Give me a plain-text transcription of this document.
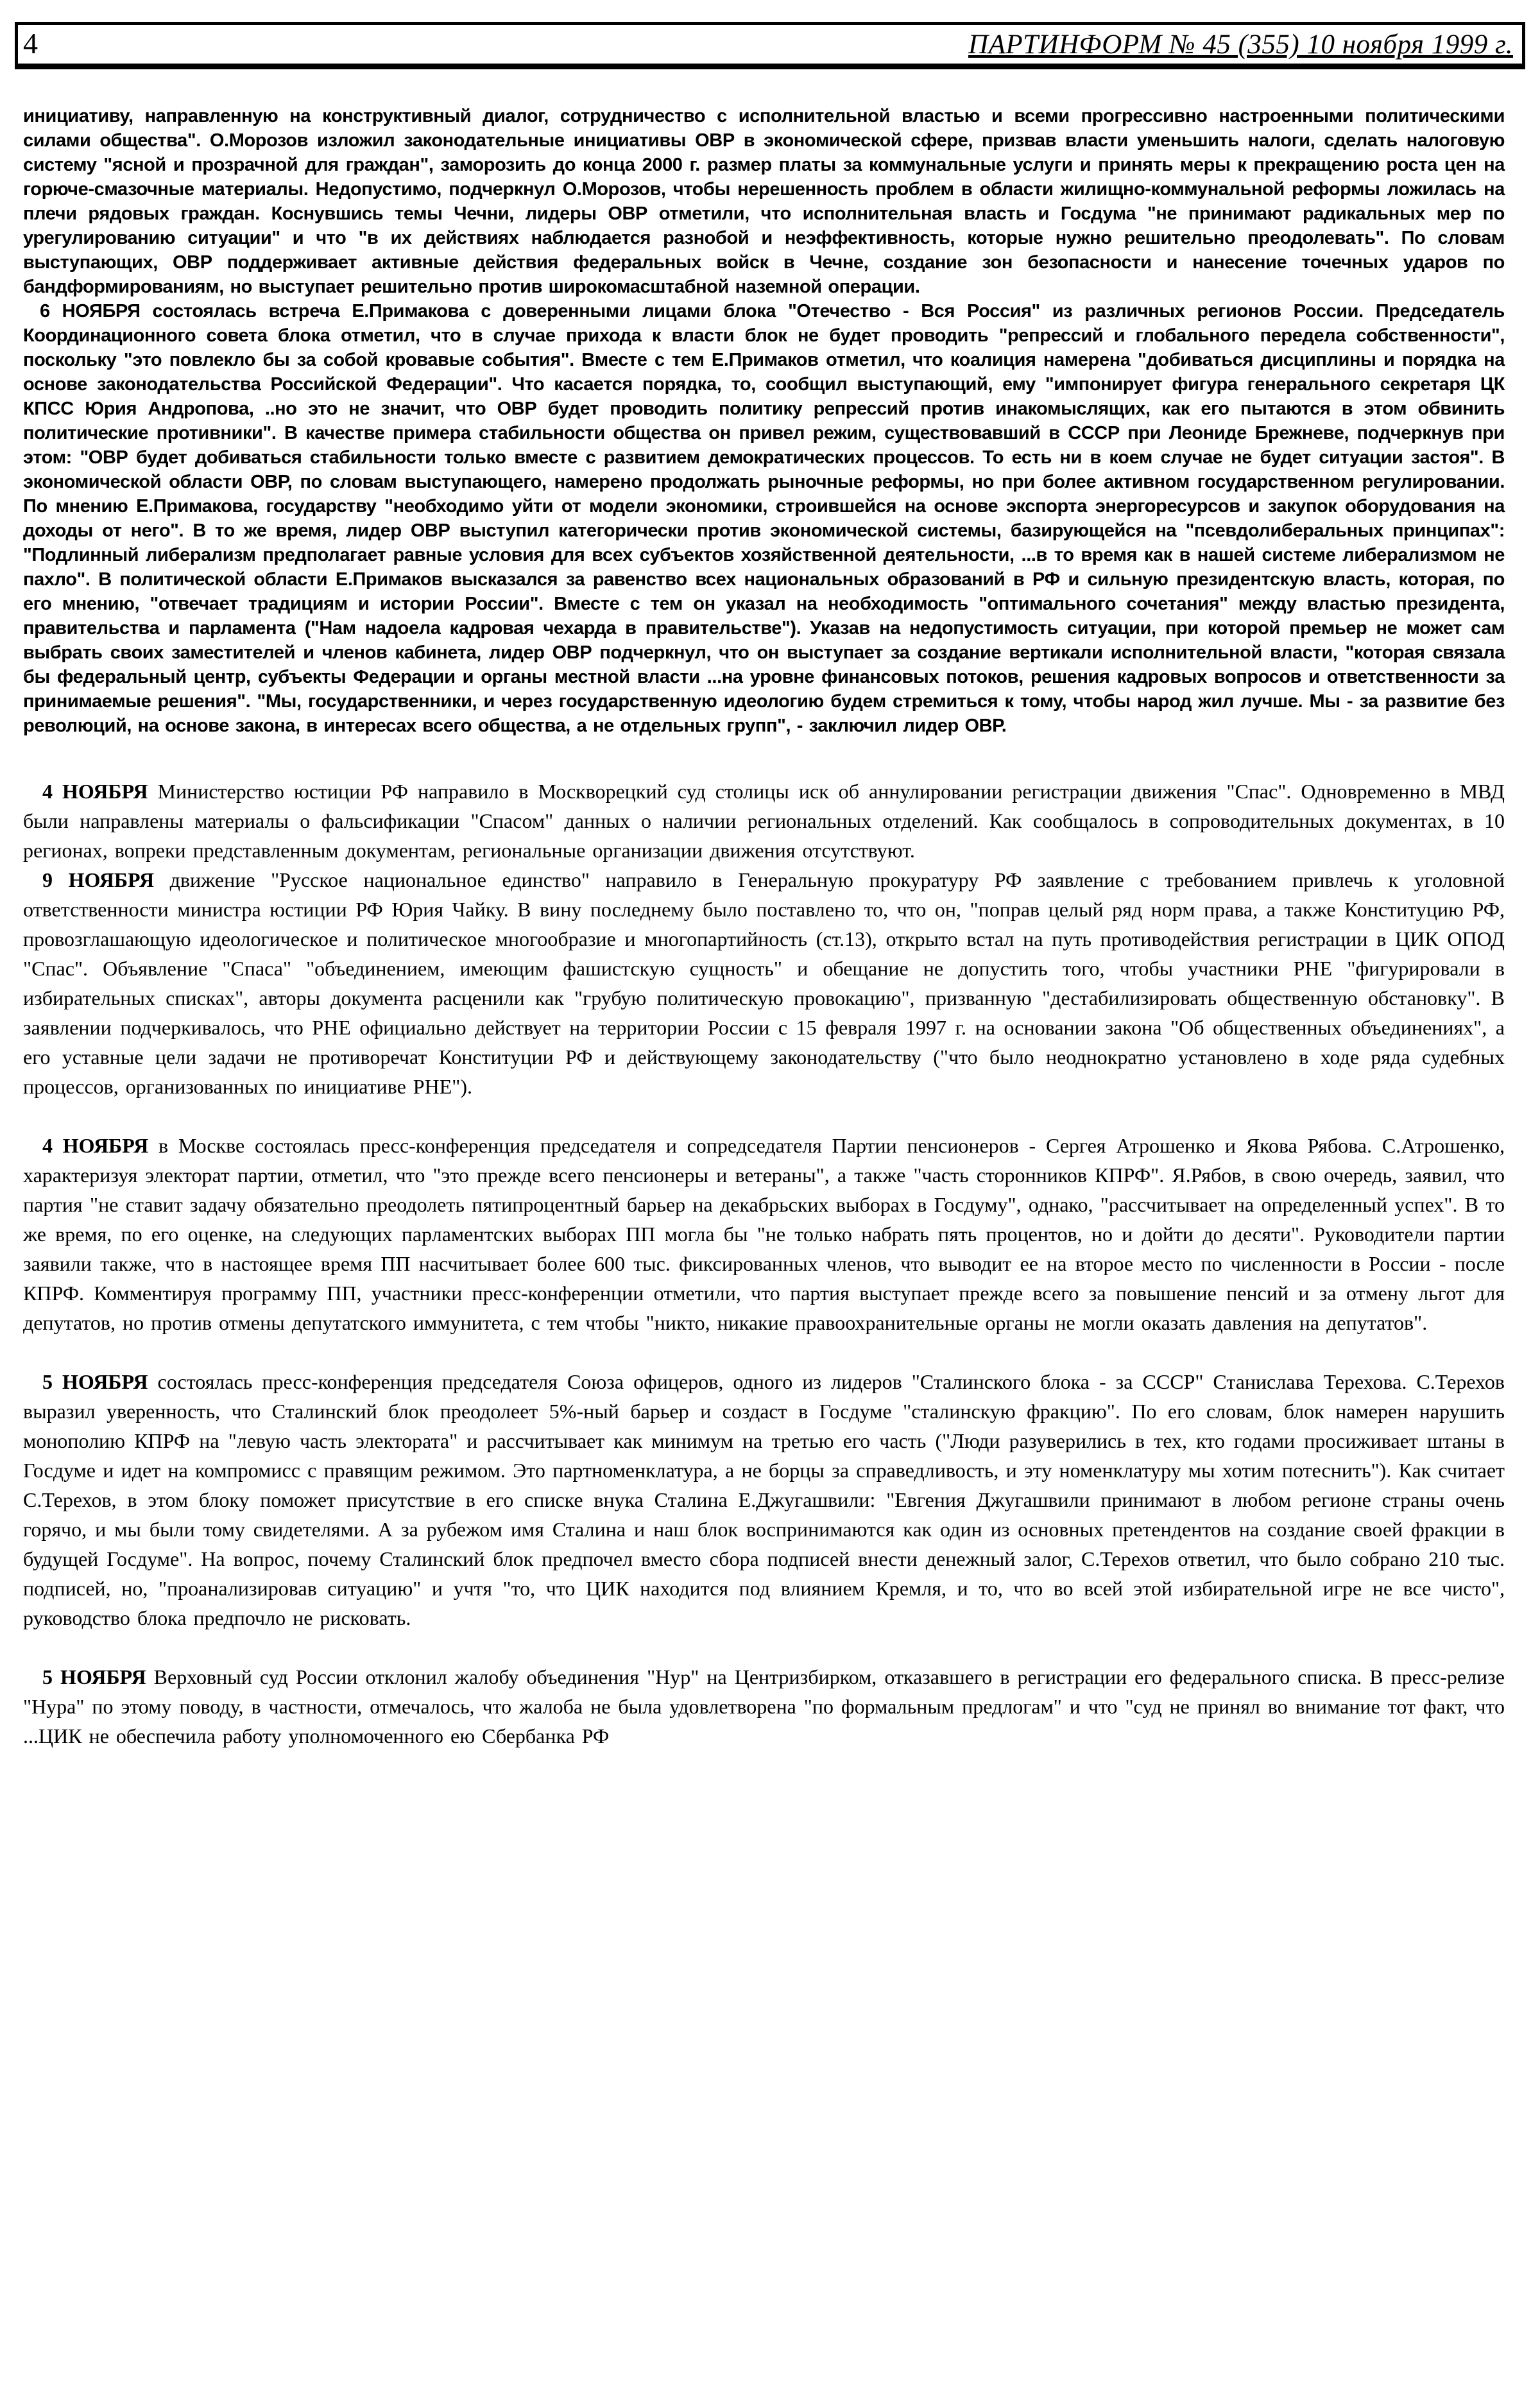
4	ПАРТИНФОРМ № 45 (355) 10 ноября 1999 г.

инициативу, направленную на конструктивный диалог, сотрудничество с исполнительной властью и всеми прогрессивно настроенными политическими силами общества". О.Морозов изложил законодательные инициативы ОВР в экономической сфере, призвав власти уменьшить налоги, сделать налоговую систему "ясной и прозрачной для граждан", заморозить до конца 2000 г. размер платы за коммунальные услуги и принять меры к прекращению роста цен на горюче-смазочные материалы. Недопустимо, подчеркнул О.Морозов, чтобы нерешенность проблем в области жилищно-коммунальной реформы ложилась на плечи рядовых граждан. Коснувшись темы Чечни, лидеры ОВР отметили, что исполнительная власть и Госдума "не принимают радикальных мер по урегулированию ситуации" и что "в их действиях наблюдается разнобой и неэффективность, которые нужно решительно преодолевать". По словам выступающих, ОВР поддерживает активные действия федеральных войск в Чечне, создание зон безопасности и нанесение точечных ударов по бандформированиям, но выступает решительно против широкомасштабной наземной операции.

6 НОЯБРЯ состоялась встреча Е.Примакова с доверенными лицами блока "Отечество - Вся Россия" из различных регионов России. Председатель Координационного совета блока отметил, что в случае прихода к власти блок не будет проводить "репрессий и глобального передела собственности", поскольку "это повлекло бы за собой кровавые события". Вместе с тем Е.Примаков отметил, что коалиция намерена "добиваться дисциплины и порядка на основе законодательства Российской Федерации". Что касается порядка, то, сообщил выступающий, ему "импонирует фигура генерального секретаря ЦК КПСС Юрия Андропова, ..но это не значит, что ОВР будет проводить политику репрессий против инакомыслящих, как его пытаются в этом обвинить политические противники". В качестве примера стабильности общества он привел режим, существовавший в СССР при Леониде Брежневе, подчеркнув при этом: "ОВР будет добиваться стабильности только вместе с развитием демократических процессов. То есть ни в коем случае не будет ситуации застоя". В экономической области ОВР, по словам выступающего, намерено продолжать рыночные реформы, но при более активном государственном регулировании. По мнению Е.Примакова, государству "необходимо уйти от модели экономики, строившейся на основе экспорта энергоресурсов и закупок оборудования на доходы от него". В то же время, лидер ОВР выступил категорически против экономической системы, базирующейся на "псевдолиберальных принципах": "Подлинный либерализм предполагает равные условия для всех субъектов хозяйственной деятельности, ...в то время как в нашей системе либерализмом не пахло". В политической области Е.Примаков высказался за равенство всех национальных образований в РФ и сильную президентскую власть, которая, по его мнению, "отвечает традициям и истории России". Вместе с тем он указал на необходимость "оптимального сочетания" между властью президента, правительства и парламента ("Нам надоела кадровая чехарда в правительстве"). Указав на недопустимость ситуации, при которой премьер не может сам выбрать своих заместителей и членов кабинета, лидер ОВР подчеркнул, что он выступает за создание вертикали исполнительной власти, "которая связала бы федеральный центр, субъекты Федерации и органы местной власти ...на уровне финансовых потоков, решения кадровых вопросов и ответственности за принимаемые решения". "Мы, государственники, и через государственную идеологию будем стремиться к тому, чтобы народ жил лучше. Мы - за развитие без революций, на основе закона, в интересах всего общества, а не отдельных групп", - заключил лидер ОВР.

4 НОЯБРЯ Министерство юстиции РФ направило в Москворецкий суд столицы иск об аннулировании регистрации движения "Спас". Одновременно в МВД были направлены материалы о фальсификации "Спасом" данных о наличии региональных отделений. Как сообщалось в сопроводительных документах, в 10 регионах, вопреки представленным документам, региональные организации движения отсутствуют.

9 НОЯБРЯ движение "Русское национальное единство" направило в Генеральную прокуратуру РФ заявление с требованием привлечь к уголовной ответственности министра юстиции РФ Юрия Чайку. В вину последнему было поставлено то, что он, "поправ целый ряд норм права, а также Конституцию РФ, провозглашающую идеологическое и политическое многообразие и многопартийность (ст.13), открыто встал на путь противодействия регистрации в ЦИК ОПОД "Спас". Объявление "Спаса" "объединением, имеющим фашистскую сущность" и обещание не допустить того, чтобы участники РНЕ "фигурировали в избирательных списках", авторы документа расценили как "грубую политическую провокацию", призванную "дестабилизировать общественную обстановку". В заявлении подчеркивалось, что РНЕ официально действует на территории России с 15 февраля 1997 г. на основании закона "Об общественных объединениях", а его уставные цели задачи не противоречат Конституции РФ и действующему законодательству ("что было неоднократно установлено в ходе ряда судебных процессов, организованных по инициативе РНЕ").

4 НОЯБРЯ в Москве состоялась пресс-конференция председателя и сопредседателя Партии пенсионеров - Сергея Атрошенко и Якова Рябова. С.Атрошенко, характеризуя электорат партии, отметил, что "это прежде всего пенсионеры и ветераны", а также "часть сторонников КПРФ". Я.Рябов, в свою очередь, заявил, что партия "не ставит задачу обязательно преодолеть пятипроцентный барьер на декабрьских выборах в Госдуму", однако, "рассчитывает на определенный успех". В то же время, по его оценке, на следующих парламентских выборах ПП могла бы "не только набрать пять процентов, но и дойти до десяти". Руководители партии заявили также, что в настоящее время ПП насчитывает более 600 тыс. фиксированных членов, что выводит ее на второе место по численности в России - после КПРФ. Комментируя программу ПП, участники пресс-конференции отметили, что партия выступает прежде всего за повышение пенсий и за отмену льгот для депутатов, но против отмены депутатского иммунитета, с тем чтобы "никто, никакие правоохранительные органы не могли оказать давления на депутатов".

5 НОЯБРЯ состоялась пресс-конференция председателя Союза офицеров, одного из лидеров "Сталинского блока - за СССР" Станислава Терехова. С.Терехов выразил уверенность, что Сталинский блок преодолеет 5%-ный барьер и создаст в Госдуме "сталинскую фракцию". По его словам, блок намерен нарушить монополию КПРФ на "левую часть электората" и рассчитывает как минимум на третью его часть ("Люди разуверились в тех, кто годами просиживает штаны в Госдуме и идет на компромисс с правящим режимом. Это партноменклатура, а не борцы за справедливость, и эту номенклатуру мы хотим потеснить"). Как считает С.Терехов, в этом блоку поможет присутствие в его списке внука Сталина Е.Джугашвили: "Евгения Джугашвили принимают в любом регионе страны очень горячо, и мы были тому свидетелями. А за рубежом имя Сталина и наш блок воспринимаются как один из основных претендентов на создание своей фракции в будущей Госдуме". На вопрос, почему Сталинский блок предпочел вместо сбора подписей внести денежный залог, С.Терехов ответил, что было собрано 210 тыс. подписей, но, "проанализировав ситуацию" и учтя "то, что ЦИК находится под влиянием Кремля, и то, что во всей этой избирательной игре не все чисто", руководство блока предпочло не рисковать.

5 НОЯБРЯ Верховный суд России отклонил жалобу объединения "Нур" на Центризбирком, отказавшего в регистрации его федерального списка. В пресс-релизе "Нура" по этому поводу, в частности, отмечалось, что жалоба не была удовлетворена "по формальным предлогам" и что "суд не принял во внимание тот факт, что ...ЦИК не обеспечила работу уполномоченного ею Сбербанка РФ
